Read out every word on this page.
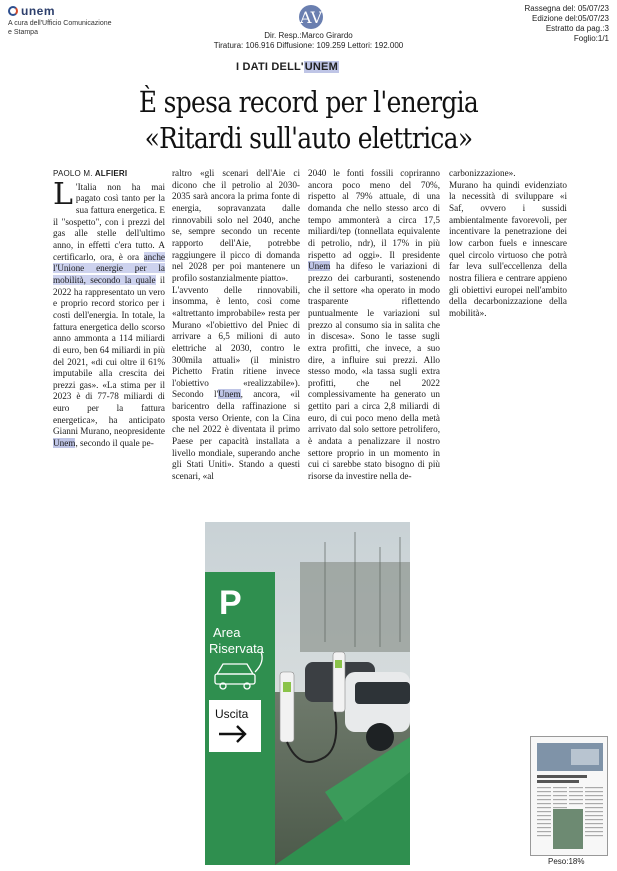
unem
A cura dell'Ufficio Comunicazione
e Stampa
AV
Dir. Resp.:Marco Girardo
Tiratura: 106.916 Diffusione: 109.259 Lettori: 192.000
Rassegna del: 05/07/23
Edizione del:05/07/23
Estratto da pag.:3
Foglio:1/1
I DATI DELL'UNEM
È spesa record per l'energia
«Ritardi sull'auto elettrica»
PAOLO M. ALFIERI

L 'Italia non ha mai pagato così tanto per la sua fattura energetica. E il "sospetto", con i prezzi del gas alle stelle dell'ultimo anno, in effetti c'era tutto. A certificarlo, ora, è ora anche l'Unione energie per la mobilità, secondo la quale il 2022 ha rappresentato un vero e proprio record storico per i costi dell'energia. In totale, la fattura energetica dello scorso anno ammonta a 114 miliardi di euro, ben 64 miliardi in più del 2021, «di cui oltre il 61% imputabile alla crescita dei prezzi gas». «La stima per il 2023 è di 77-78 miliardi di euro per la fattura energetica», ha anticipato Gianni Murano, neopresidente Unem, secondo il quale pe-

raltro «gli scenari dell'Aie ci dicono che il petrolio al 2030-2035 sarà ancora la prima fonte di energia, sopravanzata dalle rinnovabili solo nel 2040, anche se, sempre secondo un recente rapporto dell'Aie, potrebbe raggiungere il picco di domanda nel 2028 per poi mantenere un profilo sostanzialmente piatto».

L'avvento delle rinnovabili, insomma, è lento, così come «altrettanto improbabile» resta per Murano «l'obiettivo del Pniec di arrivare a 6,5 milioni di auto elettriche al 2030, contro le 300mila attuali» (il ministro Pichetto Fratin ritiene invece l'obiettivo «realizzabile»). Secondo l'Unem, ancora, «il baricentro della raffinazione si sposta verso Oriente, con la Cina che nel 2022 è diventata il primo Paese per capacità installata a livello mondiale, superando anche gli Stati Uniti». Stando a questi scenari, «al

2040 le fonti fossili copriranno ancora poco meno del 70%, rispetto al 79% attuale, di una domanda che nello stesso arco di tempo ammonterà a circa 17,5 miliardi/tep (tonnellata equivalente di petrolio, ndr), il 17% in più rispetto ad oggi». Il presidente Unem ha difeso le variazioni di prezzo dei carburanti, sostenendo che il settore «ha operato in modo trasparente riflettendo puntualmente le variazioni sul prezzo al consumo sia in salita che in discesa». Sono le tasse sugli extra profitti, che invece, a suo dire, a influire sui prezzi. Allo stesso modo, «la tassa sugli extra profitti, che nel 2022 complessivamente ha generato un gettito pari a circa 2,8 miliardi di euro, di cui poco meno della metà arrivato dal solo settore petrolifero, è andata a penalizzare il nostro settore proprio in un momento in cui ci sarebbe stato bisogno di più risorse da investire nella de-

carbonizzazione».

Murano ha quindi evidenziato la necessità di sviluppare «i Saf, ovvero i sussidi ambientalmente favorevoli, per incentivare la penetrazione dei low carbon fuels e innescare quel circolo virtuoso che potrà far leva sull'eccellenza della nostra filiera e centrare appieno gli obiettivi europei nell'ambito della decarbonizzazione della mobilità».

P
Area
Riservata
Uscita
Peso:18%
